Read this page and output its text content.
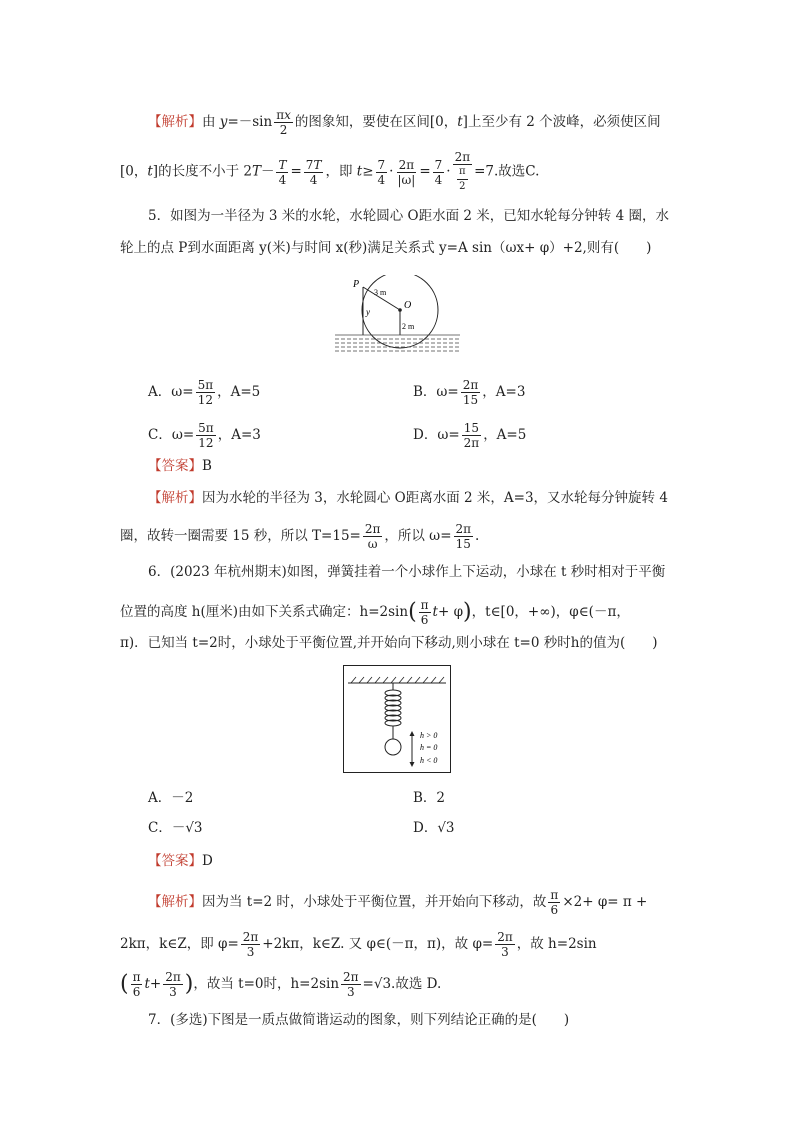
【解析】由 $y=-\sin \frac{\pi x}{2}$ 的图象知，要使在区间[0，t]上至少有 2 个波峰，必须使区间
[0，t]的长度不小于 $2T- \frac{T}{4} = \frac{7T}{4}$ ，即 $t\ge \frac{7}{4} \cdot \frac{2\pi}{|\omega|} = \frac{7}{4} \cdot \frac{2\pi}{\frac{\pi}{2}} =7$.故选C.
5．如图为一半径为 3 米的水轮，水轮圆心 O距水面 2 米，已知水轮每分钟转 4 圈，水
轮上的点 P到水面距离 y(米)与时间 x(秒)满足关系式 y=A sin（ωx+ φ）+2,则有(　　)
P
O
3 m
y
2 m
A．$\omega= \frac{5\pi}{12}$ ，A=5	B．$\omega= \frac{2\pi}{15}$ ，A=3
C．$\omega= \frac{5\pi}{12}$ ，A=3	D．$\omega= \frac{15}{2\pi}$ ，A=5
【答案】B
【解析】因为水轮的半径为 3，水轮圆心 O距离水面 2 米，A=3，又水轮每分钟旋转 4
圈，故转一圈需要 15 秒，所以 $T=15= \frac{2\pi}{\omega}$ ，所以 $\omega= \frac{2\pi}{15}$ .
6．(2023 年杭州期末)如图，弹簧挂着一个小球作上下运动，小球在 t 秒时相对于平衡
位置的高度 h(厘米)由如下关系式确定：$h=2\sin( \frac{\pi}{6} t+ \varphi)$，t∈[0，+∞)，φ∈(－π，
π)．已知当 t=2时，小球处于平衡位置,并开始向下移动,则小球在 t=0 秒时h的值为(　　)
h > 0
h = 0
h < 0
A．－2	B．2
C．－√3	D．√3
【答案】D
【解析】因为当 t=2 时，小球处于平衡位置，并开始向下移动，故 $\frac{\pi}{6} \times 2+ \varphi= \pi$ +
2kπ，k∈Z，即 $\varphi= \frac{2\pi}{3} +2k\pi$，k∈Z. 又 φ∈(－π，π)，故 $\varphi= \frac{2\pi}{3}$ ，故 h=2sin
( $\frac{\pi}{6} t+ \frac{2\pi}{3}$ )，故当 t=0时，$h=2\sin \frac{2\pi}{3} =√3$.故选 D.
7．(多选)下图是一质点做简谐运动的图象，则下列结论正确的是(　　)
